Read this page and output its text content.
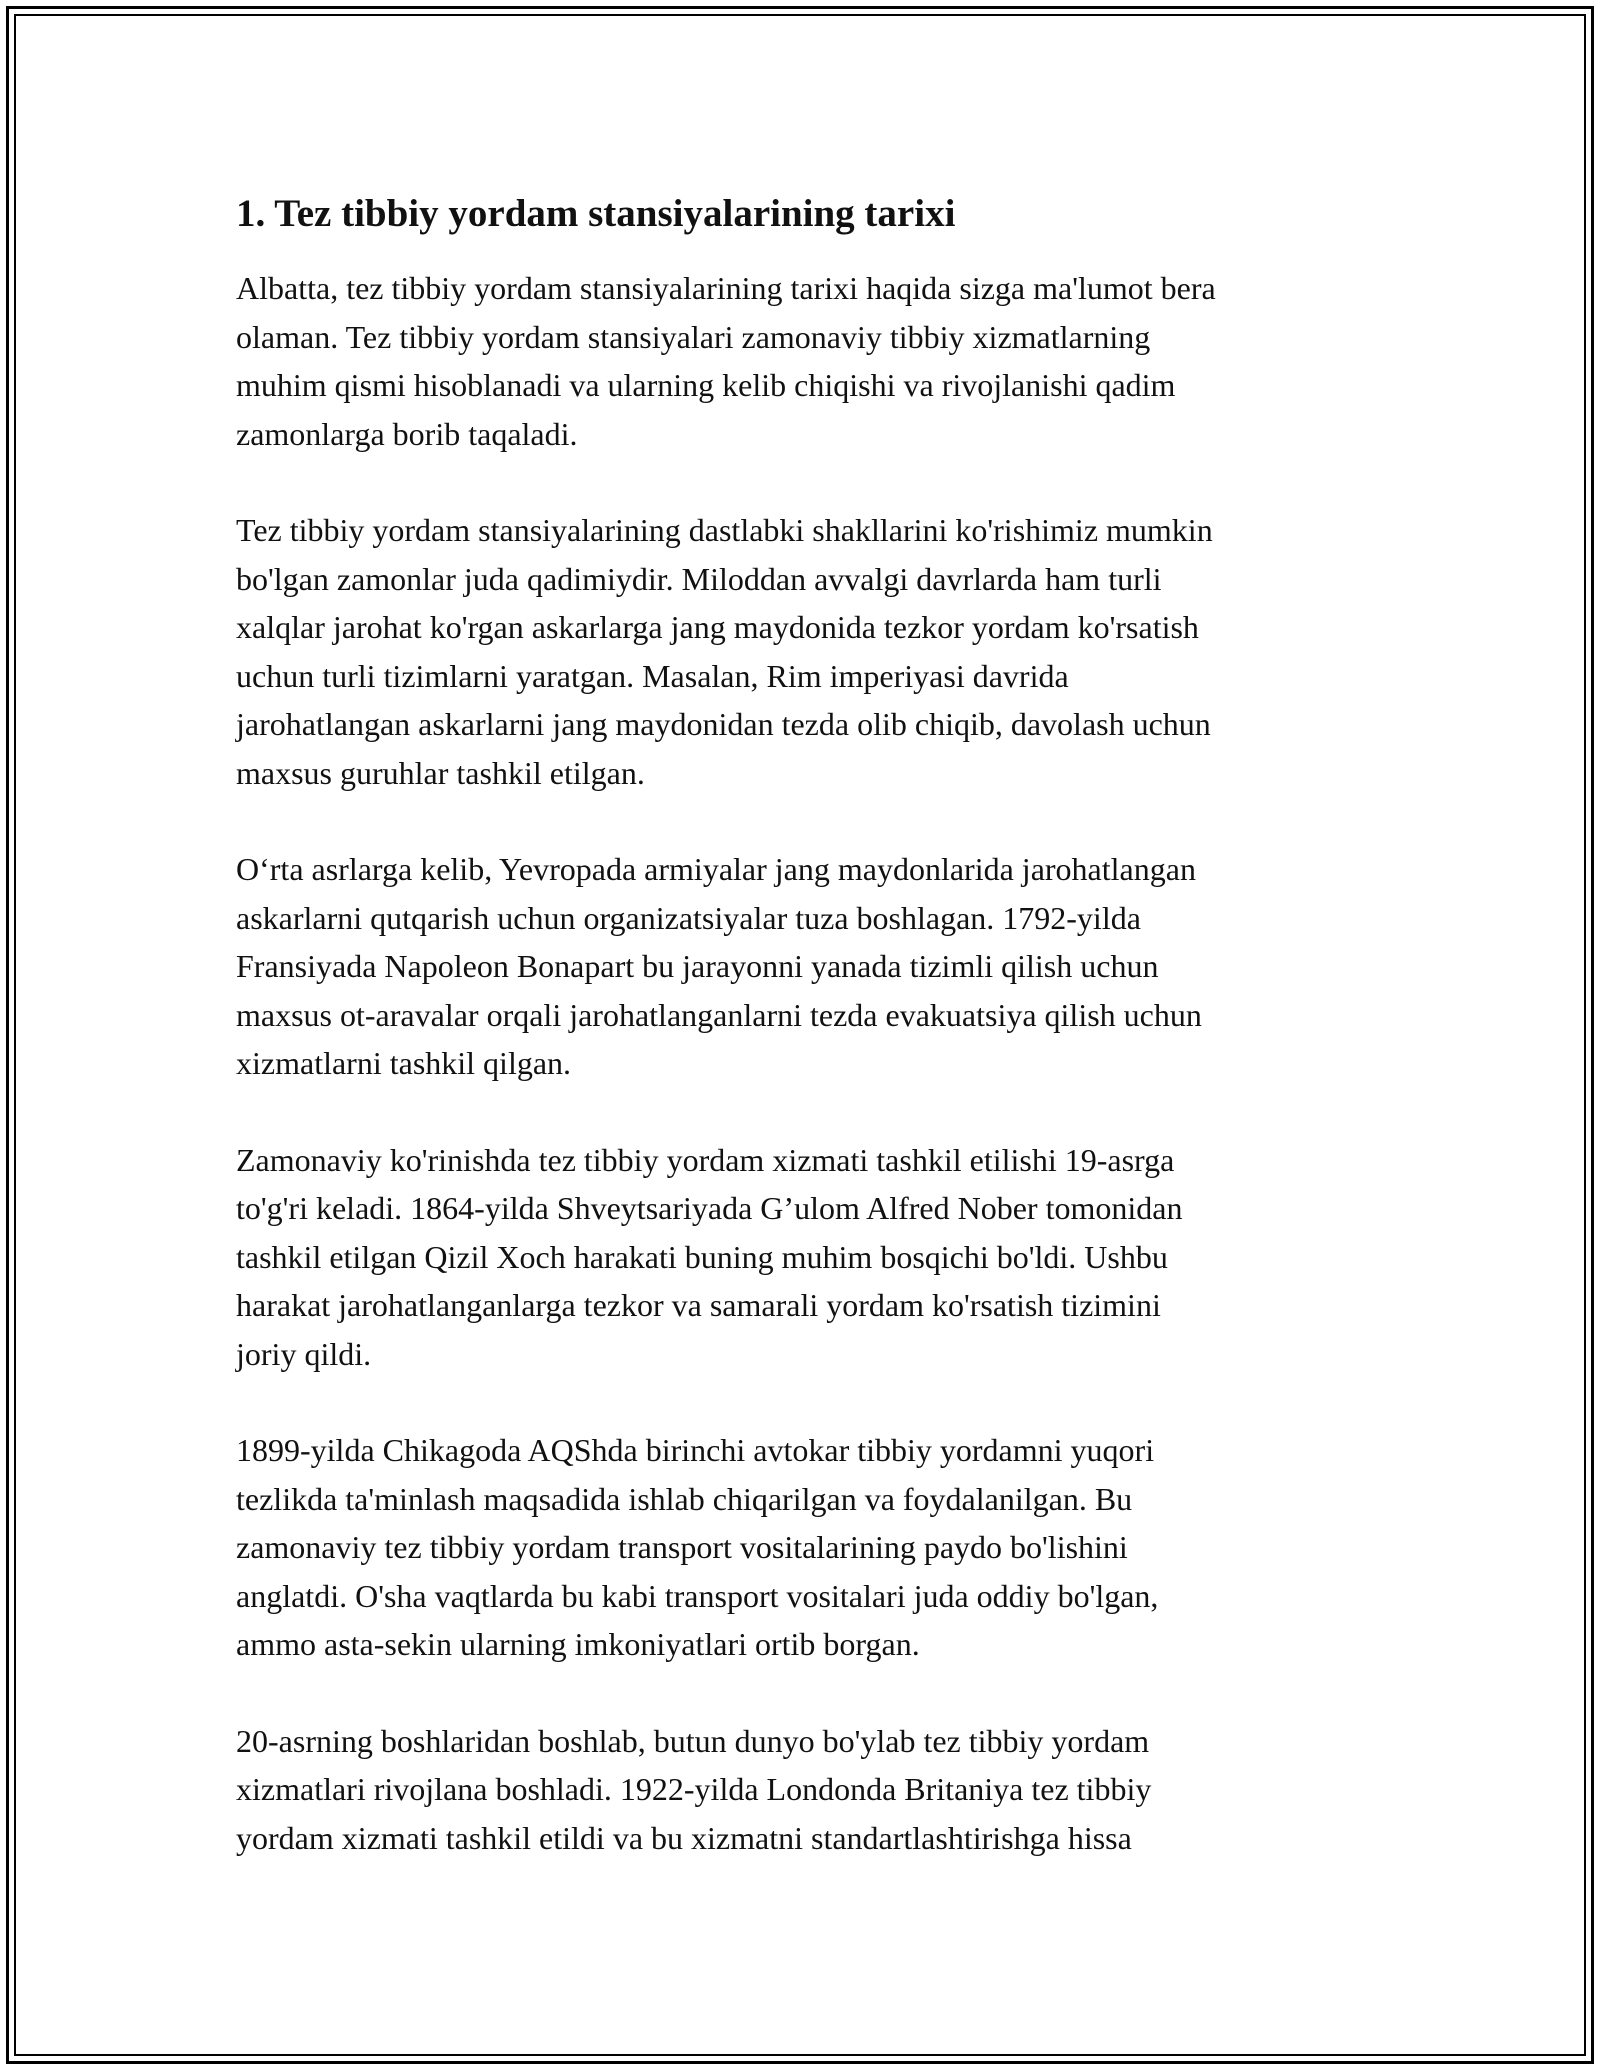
1. Tez tibbiy yordam stansiyalarining tarixi

Albatta, tez tibbiy yordam stansiyalarining tarixi haqida sizga ma'lumot bera
olaman. Tez tibbiy yordam stansiyalari zamonaviy tibbiy xizmatlarning
muhim qismi hisoblanadi va ularning kelib chiqishi va rivojlanishi qadim
zamonlarga borib taqaladi.

Tez tibbiy yordam stansiyalarining dastlabki shakllarini ko'rishimiz mumkin
bo'lgan zamonlar juda qadimiydir. Miloddan avvalgi davrlarda ham turli
xalqlar jarohat ko'rgan askarlarga jang maydonida tezkor yordam ko'rsatish
uchun turli tizimlarni yaratgan. Masalan, Rim imperiyasi davrida
jarohatlangan askarlarni jang maydonidan tezda olib chiqib, davolash uchun
maxsus guruhlar tashkil etilgan.

O‘rta asrlarga kelib, Yevropada armiyalar jang maydonlarida jarohatlangan
askarlarni qutqarish uchun organizatsiyalar tuza boshlagan. 1792-yilda
Fransiyada Napoleon Bonapart bu jarayonni yanada tizimli qilish uchun
maxsus ot-aravalar orqali jarohatlanganlarni tezda evakuatsiya qilish uchun
xizmatlarni tashkil qilgan.

Zamonaviy ko'rinishda tez tibbiy yordam xizmati tashkil etilishi 19-asrga
to'g'ri keladi. 1864-yilda Shveytsariyada G’ulom Alfred Nober tomonidan
tashkil etilgan Qizil Xoch harakati buning muhim bosqichi bo'ldi. Ushbu
harakat jarohatlanganlarga tezkor va samarali yordam ko'rsatish tizimini
joriy qildi.

1899-yilda Chikagoda AQShda birinchi avtokar tibbiy yordamni yuqori
tezlikda ta'minlash maqsadida ishlab chiqarilgan va foydalanilgan. Bu
zamonaviy tez tibbiy yordam transport vositalarining paydo bo'lishini
anglatdi. O'sha vaqtlarda bu kabi transport vositalari juda oddiy bo'lgan,
ammo asta-sekin ularning imkoniyatlari ortib borgan.

20-asrning boshlaridan boshlab, butun dunyo bo'ylab tez tibbiy yordam
xizmatlari rivojlana boshladi. 1922-yilda Londonda Britaniya tez tibbiy
yordam xizmati tashkil etildi va bu xizmatni standartlashtirishga hissa
